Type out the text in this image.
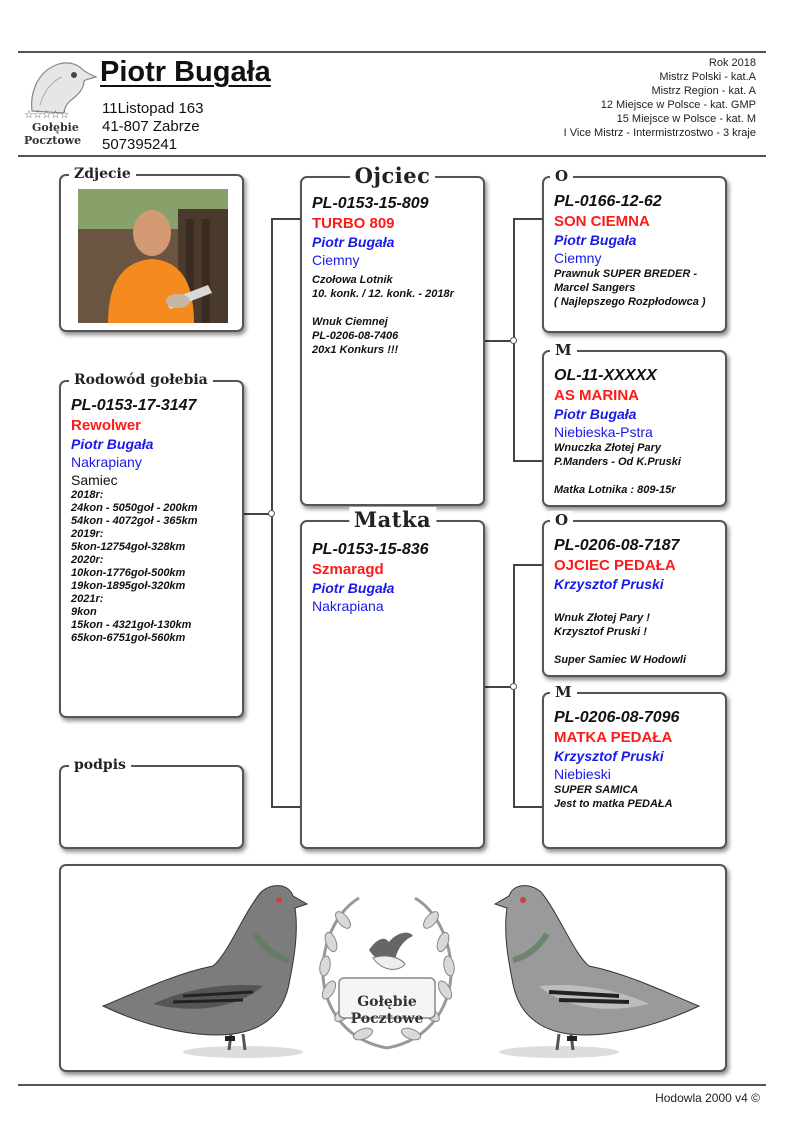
☆☆☆☆☆
Gołębie
Pocztowe
Piotr Bugała
11Listopad 163
41-807 Zabrze
507395241
Rok 2018
Mistrz Polski - kat.A
Mistrz Region - kat. A
12 Miejsce w Polsce - kat. GMP
15 Miejsce w Polsce - kat. M
I Vice Mistrz - Intermistrzostwo - 3 kraje
Zdjecie
Rodowód gołebia
PL-0153-17-3147
Rewolwer
Piotr Bugała
Nakrapiany
Samiec
2018r:
24kon - 5050goł - 200km
54kon - 4072goł - 365km
2019r:
5kon-12754goł-328km
2020r:
10kon-1776goł-500km
19kon-1895goł-320km
2021r:
9kon
15kon - 4321goł-130km
65kon-6751goł-560km
podpis
Ojciec
PL-0153-15-809
TURBO 809
Piotr Bugała
Ciemny
Czołowa Lotnik
10. konk. / 12. konk. - 2018r

Wnuk Ciemnej
PL-0206-08-7406
20x1 Konkurs !!!
Matka
PL-0153-15-836
Szmaragd
Piotr Bugała
Nakrapiana
O
PL-0166-12-62
SON CIEMNA
Piotr Bugała
Ciemny
Prawnuk SUPER BREDER -
Marcel Sangers
( Najlepszego Rozpłodowca )
M
OL-11-XXXXX
AS MARINA
Piotr Bugała
Niebieska-Pstra
Wnuczka Złotej Pary
P.Manders - Od K.Pruski

Matka Lotnika : 809-15r
O
PL-0206-08-7187
OJCIEC PEDAŁA
Krzysztof Pruski
Wnuk Złotej Pary !
Krzysztof Pruski !

Super Samiec W Hodowli
M
PL-0206-08-7096
MATKA PEDAŁA
Krzysztof Pruski
Niebieski
SUPER SAMICA
Jest to matka PEDAŁA
Gołębie
Pocztowe
Hodowla 2000 v4 ©
